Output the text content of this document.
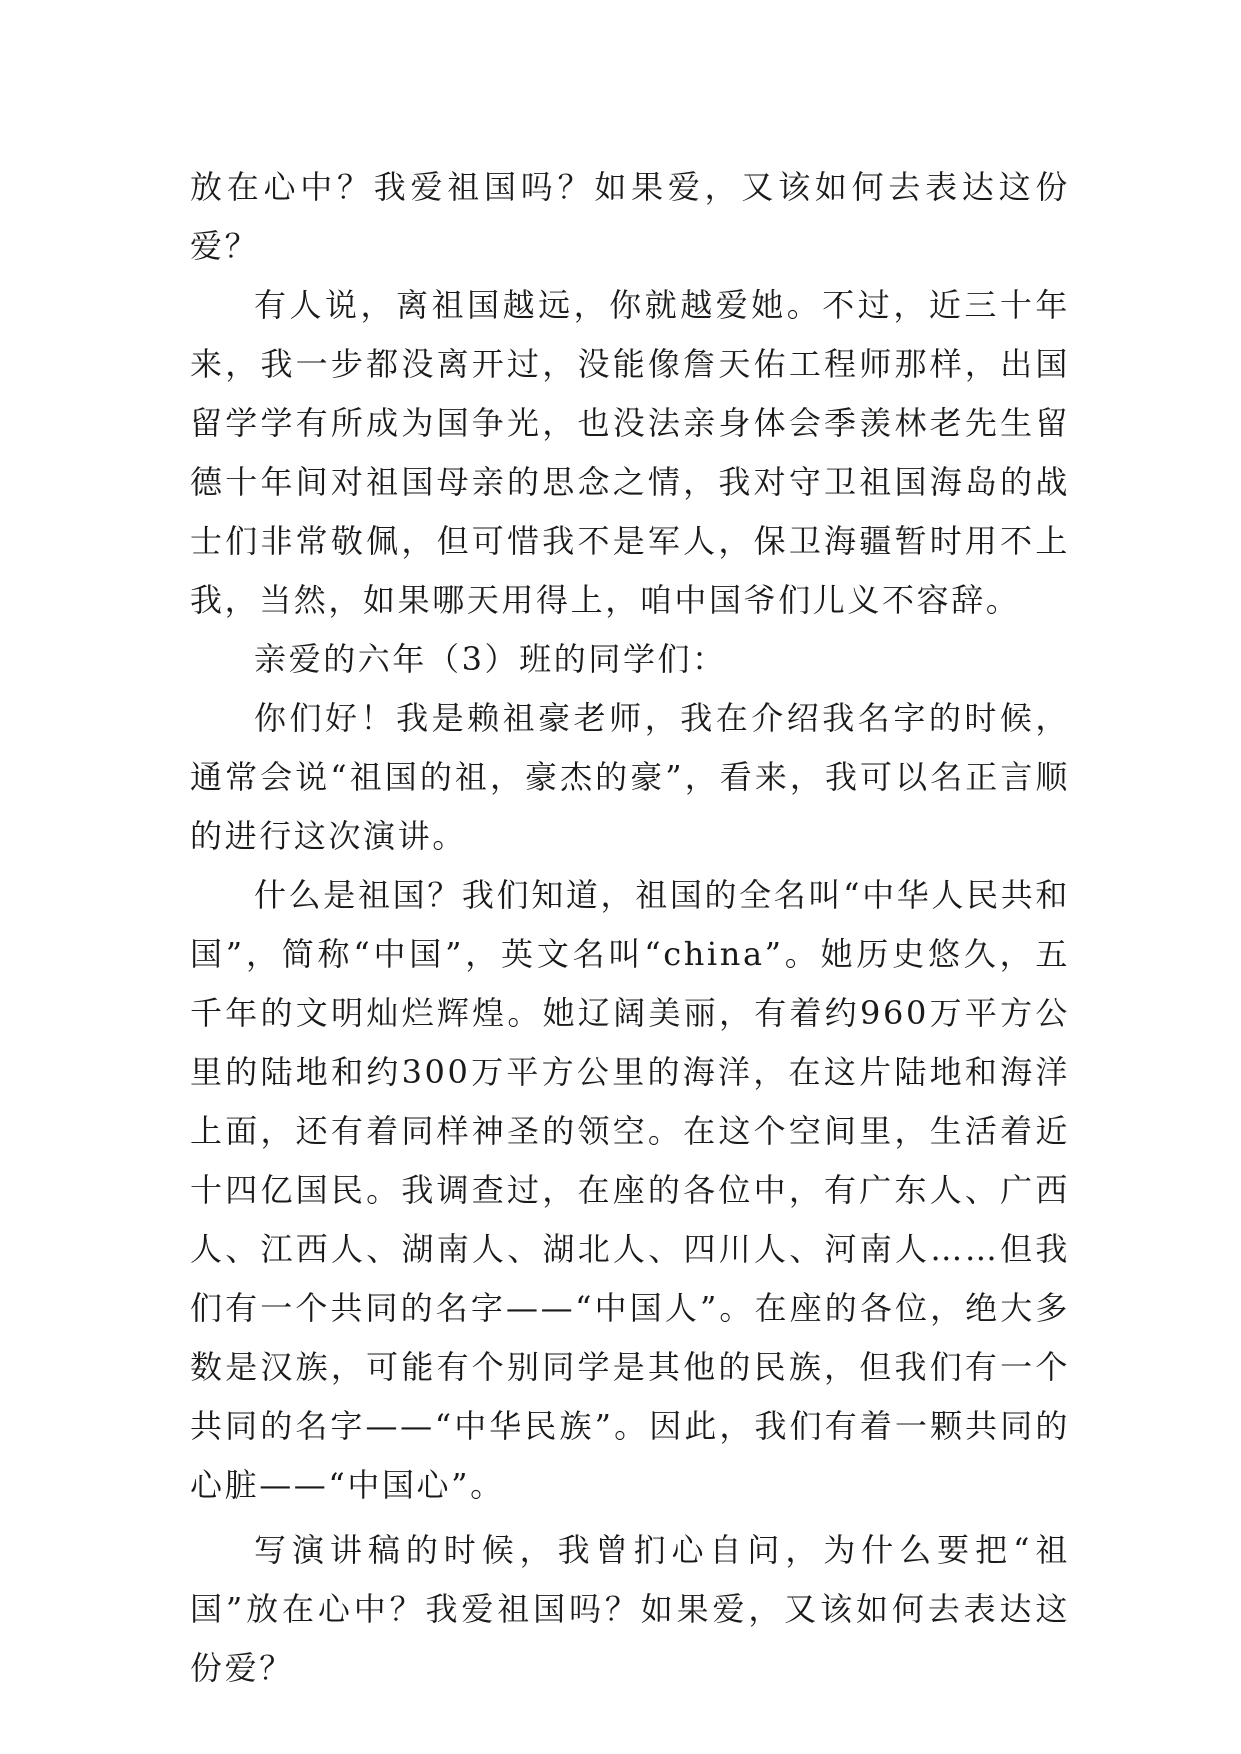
放在心中？我爱祖国吗？如果爱，又该如何去表达这份爱？

有人说，离祖国越远，你就越爱她。不过，近三十年来，我一步都没离开过，没能像詹天佑工程师那样，出国留学学有所成为国争光，也没法亲身体会季羡林老先生留德十年间对祖国母亲的思念之情，我对守卫祖国海岛的战士们非常敬佩，但可惜我不是军人，保卫海疆暂时用不上我，当然，如果哪天用得上，咱中国爷们儿义不容辞。

亲爱的六年（3）班的同学们：

你们好！我是赖祖豪老师，我在介绍我名字的时候，通常会说“祖国的祖，豪杰的豪”，看来，我可以名正言顺的进行这次演讲。

什么是祖国？我们知道，祖国的全名叫“中华人民共和国”，简称“中国”，英文名叫“china”。她历史悠久，五千年的文明灿烂辉煌。她辽阔美丽，有着约960万平方公里的陆地和约300万平方公里的海洋，在这片陆地和海洋上面，还有着同样神圣的领空。在这个空间里，生活着近十四亿国民。我调查过，在座的各位中，有广东人、广西人、江西人、湖南人、湖北人、四川人、河南人……但我们有一个共同的名字——“中国人”。在座的各位，绝大多数是汉族，可能有个别同学是其他的民族，但我们有一个共同的名字——“中华民族”。因此，我们有着一颗共同的心脏——“中国心”。

写演讲稿的时候，我曾扪心自问，为什么要把“祖国”放在心中？我爱祖国吗？如果爱，又该如何去表达这份爱？
